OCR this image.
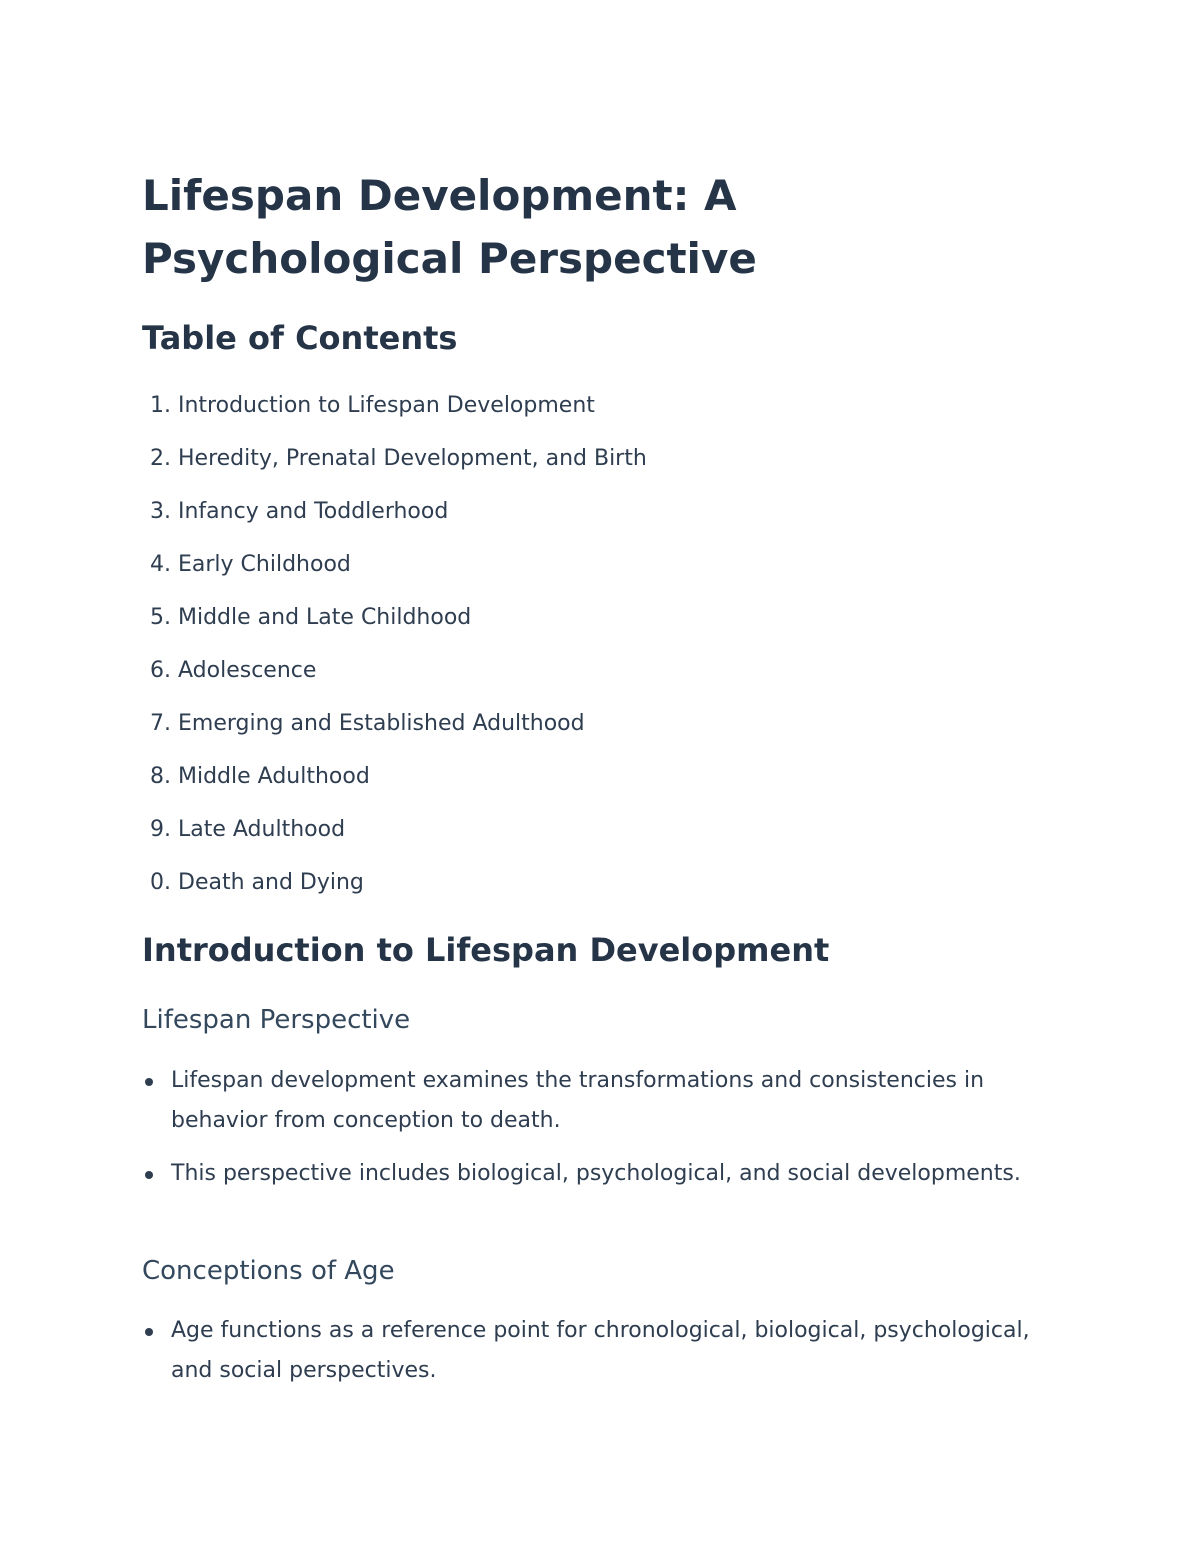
Lifespan Development: A Psychological Perspective
Table of Contents
1. Introduction to Lifespan Development
2. Heredity, Prenatal Development, and Birth
3. Infancy and Toddlerhood
4. Early Childhood
5. Middle and Late Childhood
6. Adolescence
7. Emerging and Established Adulthood
8. Middle Adulthood
9. Late Adulthood
0. Death and Dying
Introduction to Lifespan Development
Lifespan Perspective
Lifespan development examines the transformations and consistencies in behavior from conception to death.
This perspective includes biological, psychological, and social developments.
Conceptions of Age
Age functions as a reference point for chronological, biological, psychological, and social perspectives.
